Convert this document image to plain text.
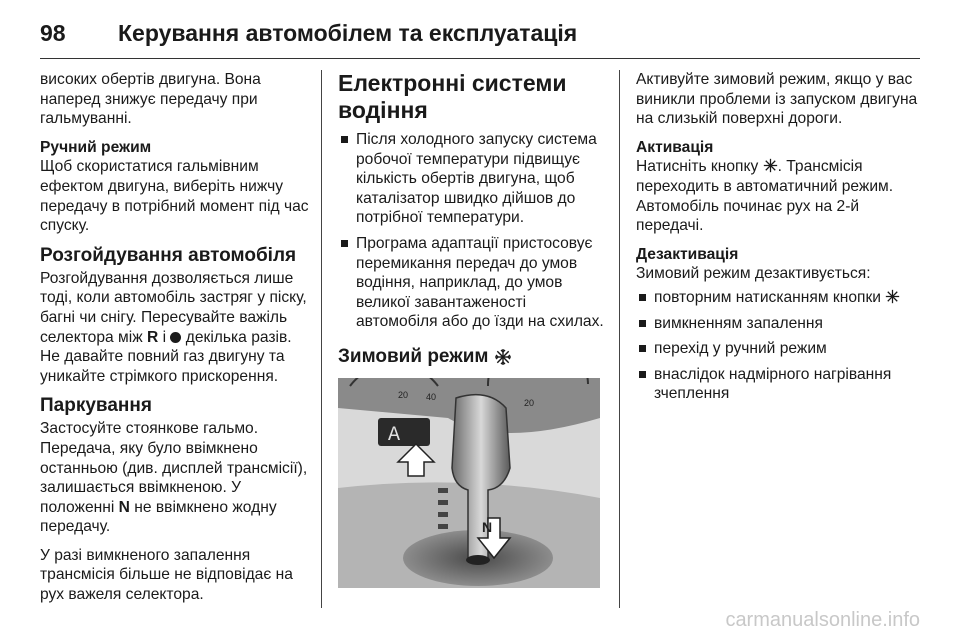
98	Керування автомобілем та експлуатація

високих обертів двигуна. Вона наперед знижує передачу при гальмуванні.

Ручний режим
Щоб скористатися гальмівним ефектом двигуна, виберіть нижчу передачу в потрібний момент під час спуску.

Розгойдування автомобіля

Розгойдування дозволяється лише тоді, коли автомобіль застряг у піску, багні чи снігу. Пересувайте важіль селектора між R і  декілька разів. Не давайте повний газ двигуну та уникайте стрімкого прискорення.

Паркування

Застосуйте стоянкове гальмо. Передача, яку було ввімкнено останньою (див. дисплей трансмісії), залишається ввімкненою. У положенні N не ввімкнено жодну передачу.

У разі вимкненого запалення трансмісія більше не відповідає на рух важеля селектора.

Електронні системи водіння
Після холодного запуску система робочої температури підвищує кількість обертів двигуна, щоб каталізатор швидко дійшов до потрібної температури.
Програма адаптації пристосовує перемикання передач до умов водіння, наприклад, до умов великої завантаженості автомобіля або до їзди на схилах.
Зимовий режим
20
20
40
A
N

Активуйте зимовий режим, якщо у вас виникли проблеми із запуском двигуна на слизькій поверхні дороги.

Активація
Натисніть кнопку . Трансмісія переходить в автоматичний режим. Автомобіль починає рух на 2-й передачі.

Дезактивація
Зимовий режим дезактивується:

повторним натисканням кнопки
вимкненням запалення
перехід у ручний режим
внаслідок надмірного нагрівання зчеплення
carmanualsonline.info
